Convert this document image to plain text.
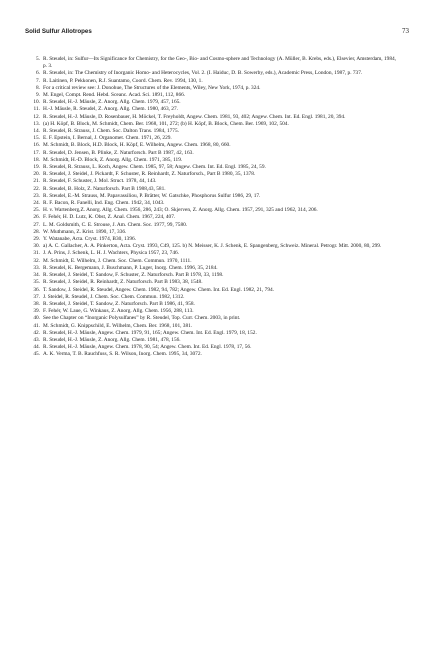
Solid Sulfur Allotropes	73
5. R. Steudel, in: Sulfur—Its Significance for Chemistry, for the Geo-, Bio- and Cosmo-sphere and Technology (A. Müller, B. Krebs, eds.), Elsevier, Amsterdam, 1984, p. 3.
6. R. Steudel, in: The Chemistry of Inorganic Homo- and Heterocycles, Vol. 2. (I. Haiduc, D. B. Sowerby, eds.), Academic Press, London, 1987, p. 737.
7. R. Laitinen, P. Pekkonen, R.J. Suantamo, Coord. Chem. Rev. 1994, 130, 1.
8. For a critical review see: J. Donohue, The Structures of the Elements, Wiley, New York, 1974, p. 324.
9. M. Engel, Compt. Rend. Hebd. Sceanc. Acad. Sci. 1891, 112, 866.
10. R. Steudel, H.-J. Mäusle, Z. Anorg. Allg. Chem. 1979, 457, 165.
11. H.-J. Mäusle, R. Steudel, Z. Anorg. Allg. Chem. 1980, 463, 27.
12. R. Steudel, H.-J. Mäusle, D. Rosenbauer, H. Möckel, T. Freyholdt, Angew. Chem. 1981, 93, 402; Angew. Chem. Int. Ed. Engl. 1981, 20, 394.
13. (a) H. Köpf, B. Block, M. Schmidt, Chem. Ber. 1968, 101, 272; (b) H. Köpf, B. Block, Chem. Ber. 1969, 102, 504.
14. R. Steudel, R. Strauss, J. Chem. Soc. Dalton Trans. 1984, 1775.
15. E. F. Epstein, I. Bernal, J. Organomet. Chem. 1971, 26, 229.
16. M. Schmidt, B. Block, H.D. Block, H. Köpf, E. Wilhelm, Angew. Chem. 1968, 80, 660.
17. R. Steudel, D. Jensen, B. Plinke, Z. Naturforsch. Part B 1987, 42, 163.
18. M. Schmidt, H.-D. Block, Z. Anorg. Allg. Chem. 1971, 385, 119.
19. R. Steudel, R. Strauss, L. Koch, Angew. Chem. 1985, 97, 58; Angew. Chem. Int. Ed. Engl. 1985, 24, 59.
20. R. Steudel, J. Steidel, J. Pickardt, F. Schuster, R. Reinhardt, Z. Naturforsch., Part B 1980, 35, 1378.
21. R. Steudel, F. Schuster, J. Mol. Struct. 1978, 44, 143.
22. R. Steudel, B. Holz, Z. Naturforsch. Part B 1988,43, 581.
23. R. Steudel, E.-M. Strauss, M. Papavassiliou, P. Brätter, W. Gatschke, Phosphorus Sulfur 1986, 29, 17.
24. R. F. Bacon, R. Fanelli, Ind. Eng. Chem. 1942, 34, 1043.
25. H. v. Wartenberg,Z. Anorg. Allg. Chem. 1956, 286, 243; O. Skjerven, Z. Anorg. Allg. Chem. 1957, 291, 325 and 1962, 314, 206.
26. F. Fehér, H. D. Lutz, K. Obst, Z. Anal. Chem. 1967, 224, 407.
27. L. M. Goldsmith, C. E. Strouse, J. Am. Chem. Soc. 1977, 99, 7580.
28. W. Muthmann, Z. Krist. 1890, 17, 336.
29. Y. Watanabe, Acta. Cryst. 1974, B30, 1396.
30. a) A. C. Gallacher, A. A. Pinkerton, Acta. Cryst. 1993, C49, 125. b) N. Meisser, K. J. Schenk, E. Spangenberg, Schweiz. Mineral. Petrogr. Mitt. 2000, 80, 299.
31. J. A. Prins, J. Schenk, L. H. J. Wachters, Physica 1957, 23, 746.
32. M. Schmidt, E. Wilhelm, J. Chem. Soc. Chem. Commun. 1970, 1111.
33. R. Steudel, K. Bergemann, J. Buschmann, P. Luger, Inorg. Chem. 1996, 35, 2184.
34. R. Steudel, J. Steidel, T. Sandow, F. Schuster, Z. Naturforsch. Part B 1978, 33, 1198.
35. R. Steudel, J. Steidel, R. Reinhardt, Z. Naturforsch. Part B 1983, 38, 1548.
36. T. Sandow, J. Steidel, R. Steudel, Angew. Chem. 1982, 94, 782; Angew. Chem. Int. Ed. Engl. 1982, 21, 794.
37. J. Steidel, R. Steudel, J. Chem. Soc. Chem. Commun. 1982, 1312.
38. R. Steudel, J. Steidel, T. Sandow, Z. Naturforsch. Part B 1986, 41, 958.
39. F. Fehér, W. Laue, G. Winkaus, Z. Anorg. Allg. Chem. 1956, 288, 113.
40. See the Chapter on “Inorganic Polysulfanes” by R. Steudel, Top. Curr. Chem. 2003, in print.
41. M. Schmidt, G. Knippschild, E. Wilhelm, Chem. Ber. 1968, 101, 381.
42. R. Steudel, H.-J. Mäusle, Angew. Chem. 1979, 91, 165; Angew. Chem. Int. Ed. Engl. 1979, 18, 152.
43. R. Steudel, H.-J. Mäusle, Z. Anorg. Allg. Chem. 1981, 478, 156.
44. R. Steudel, H.-J. Mäusle, Angew. Chem. 1978, 90, 54; Angew. Chem. Int. Ed. Engl. 1978, 17, 56.
45. A. K. Verma, T. B. Rauchfuss, S. R. Wilson, Inorg. Chem. 1995, 34, 3072.
